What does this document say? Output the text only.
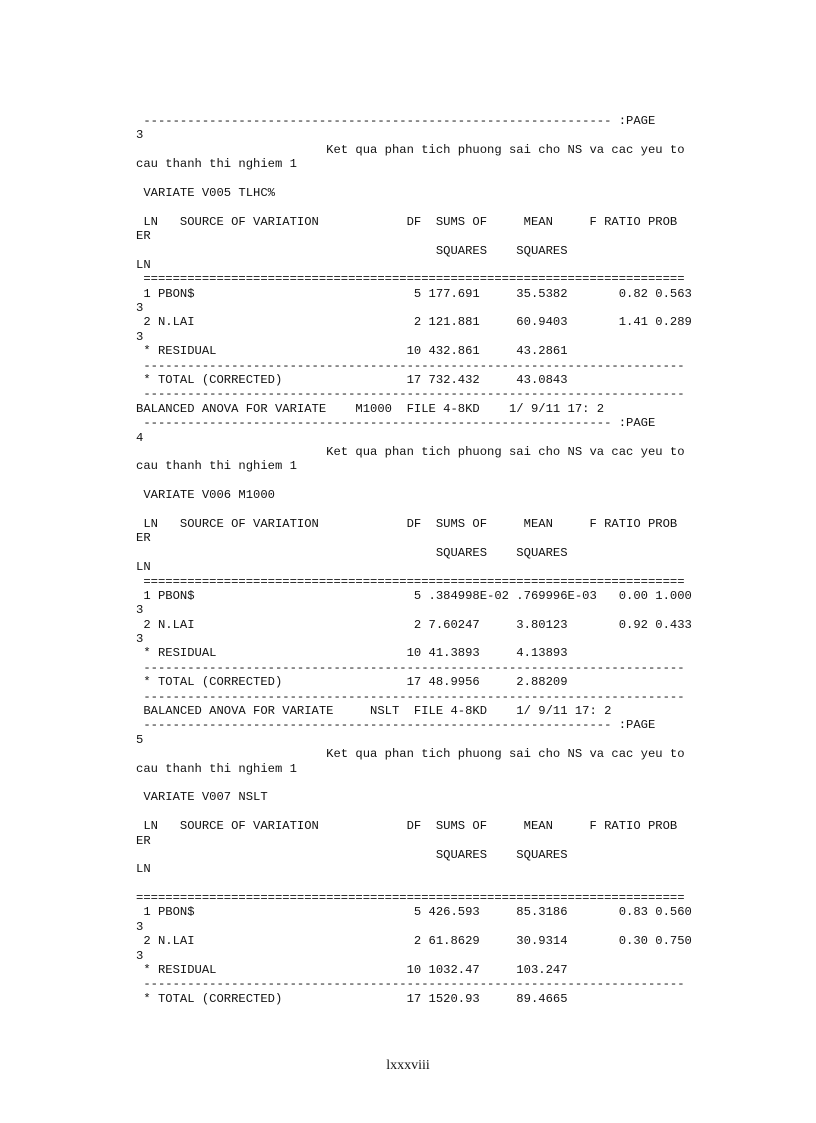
---------------------------------------------------------------- :PAGE
3
Ket qua phan tich phuong sai cho NS va cac yeu to
cau thanh thi nghiem 1
VARIATE V005 TLHC%
LN   SOURCE OF VARIATION            DF  SUMS OF     MEAN     F RATIO PROB
ER
SQUARES    SQUARES
LN
==========================================================================
1 PBON$                              5 177.691     35.5382       0.82 0.563
3
2 N.LAI                              2 121.881     60.9403       1.41 0.289
3
* RESIDUAL                          10 432.861     43.2861
--------------------------------------------------------------------------
* TOTAL (CORRECTED)                 17 732.432     43.0843
--------------------------------------------------------------------------
BALANCED ANOVA FOR VARIATE    M1000  FILE 4-8KD    1/ 9/11 17: 2
---------------------------------------------------------------- :PAGE
4
Ket qua phan tich phuong sai cho NS va cac yeu to
cau thanh thi nghiem 1
VARIATE V006 M1000
LN   SOURCE OF VARIATION            DF  SUMS OF     MEAN     F RATIO PROB
ER
SQUARES    SQUARES
LN
==========================================================================
1 PBON$                              5 .384998E-02 .769996E-03   0.00 1.000
3
2 N.LAI                              2 7.60247     3.80123       0.92 0.433
3
* RESIDUAL                          10 41.3893     4.13893
--------------------------------------------------------------------------
* TOTAL (CORRECTED)                 17 48.9956     2.88209
--------------------------------------------------------------------------
BALANCED ANOVA FOR VARIATE     NSLT  FILE 4-8KD    1/ 9/11 17: 2
---------------------------------------------------------------- :PAGE
5
Ket qua phan tich phuong sai cho NS va cac yeu to
cau thanh thi nghiem 1
VARIATE V007 NSLT
LN   SOURCE OF VARIATION            DF  SUMS OF     MEAN     F RATIO PROB
ER
SQUARES    SQUARES
LN
===========================================================================
1 PBON$                              5 426.593     85.3186       0.83 0.560
3
2 N.LAI                              2 61.8629     30.9314       0.30 0.750
3
* RESIDUAL                          10 1032.47     103.247
--------------------------------------------------------------------------
* TOTAL (CORRECTED)                 17 1520.93     89.4665
lxxxviii
